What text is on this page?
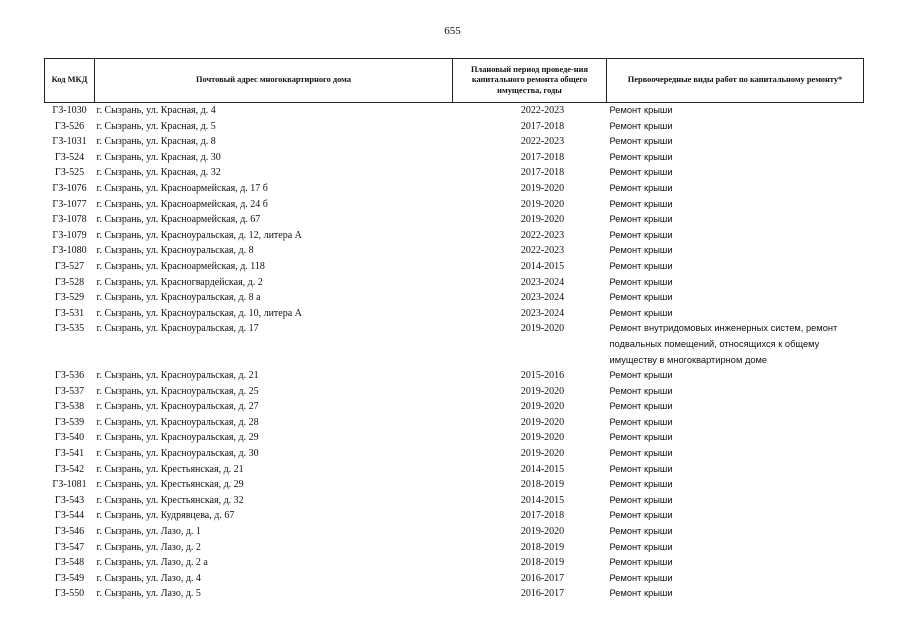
655
Код МКД	Почтовый адрес многоквартирного дома	Плановый период проведе-ния капитального ремонта общего имущества, годы	Первоочередные виды работ по капитальному ремонту*
ГЗ-1030	г. Сызрань, ул. Красная, д. 4	2022-2023	Ремонт крыши
ГЗ-526	г. Сызрань, ул. Красная, д. 5	2017-2018	Ремонт крыши
ГЗ-1031	г. Сызрань, ул. Красная, д. 8	2022-2023	Ремонт крыши
ГЗ-524	г. Сызрань, ул. Красная, д. 30	2017-2018	Ремонт крыши
ГЗ-525	г. Сызрань, ул. Красная, д. 32	2017-2018	Ремонт крыши
ГЗ-1076	г. Сызрань, ул. Красноармейская, д. 17 б	2019-2020	Ремонт крыши
ГЗ-1077	г. Сызрань, ул. Красноармейская, д. 24 б	2019-2020	Ремонт крыши
ГЗ-1078	г. Сызрань, ул. Красноармейская, д. 67	2019-2020	Ремонт крыши
ГЗ-1079	г. Сызрань, ул. Красноуральская, д. 12, литера А	2022-2023	Ремонт крыши
ГЗ-1080	г. Сызрань, ул. Красноуральская, д. 8	2022-2023	Ремонт крыши
ГЗ-527	г. Сызрань, ул. Красноармейская, д. 118	2014-2015	Ремонт крыши
ГЗ-528	г. Сызрань, ул. Красногвардейская, д. 2	2023-2024	Ремонт крыши
ГЗ-529	г. Сызрань, ул. Красноуральская, д. 8 а	2023-2024	Ремонт крыши
ГЗ-531	г. Сызрань, ул. Красноуральская, д. 10, литера А	2023-2024	Ремонт крыши
ГЗ-535	г. Сызрань, ул. Красноуральская, д. 17	2019-2020	Ремонт внутридомовых инженерных систем, ремонт подвальных помещений, относящихся к общему имуществу в многоквартирном доме
ГЗ-536	г. Сызрань, ул. Красноуральская, д. 21	2015-2016	Ремонт крыши
ГЗ-537	г. Сызрань, ул. Красноуральская, д. 25	2019-2020	Ремонт крыши
ГЗ-538	г. Сызрань, ул. Красноуральская, д. 27	2019-2020	Ремонт крыши
ГЗ-539	г. Сызрань, ул. Красноуральская, д. 28	2019-2020	Ремонт крыши
ГЗ-540	г. Сызрань, ул. Красноуральская, д. 29	2019-2020	Ремонт крыши
ГЗ-541	г. Сызрань, ул. Красноуральская, д. 30	2019-2020	Ремонт крыши
ГЗ-542	г. Сызрань, ул. Крестьянская, д. 21	2014-2015	Ремонт крыши
ГЗ-1081	г. Сызрань, ул. Крестьянская, д. 29	2018-2019	Ремонт крыши
ГЗ-543	г. Сызрань, ул. Крестьянская, д. 32	2014-2015	Ремонт крыши
ГЗ-544	г. Сызрань, ул. Кудрявцева, д. 67	2017-2018	Ремонт крыши
ГЗ-546	г. Сызрань, ул. Лазо, д. 1	2019-2020	Ремонт крыши
ГЗ-547	г. Сызрань, ул. Лазо, д. 2	2018-2019	Ремонт крыши
ГЗ-548	г. Сызрань, ул. Лазо, д. 2 а	2018-2019	Ремонт крыши
ГЗ-549	г. Сызрань, ул. Лазо, д. 4	2016-2017	Ремонт крыши
ГЗ-550	г. Сызрань, ул. Лазо, д. 5	2016-2017	Ремонт крыши
